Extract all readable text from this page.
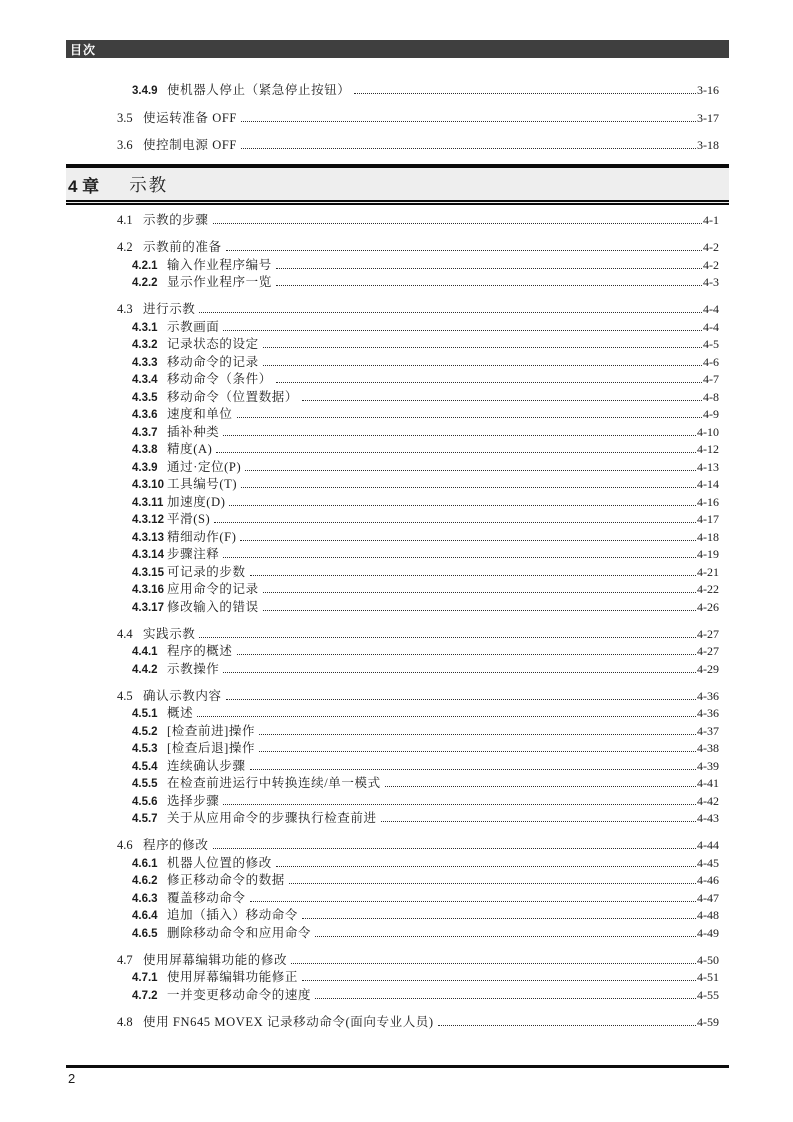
目次
3.4.9 使机器人停止（紧急停止按钮）	3-16
3.5 使运转准备 OFF	3-17
3.6 使控制电源 OFF	3-18
4 章 示教
4.1 示教的步骤	4-1
4.2 示教前的准备	4-2
4.2.1 输入作业程序编号	4-2
4.2.2 显示作业程序一览	4-3
4.3 进行示教	4-4
4.3.1 示教画面	4-4
4.3.2 记录状态的设定	4-5
4.3.3 移动命令的记录	4-6
4.3.4 移动命令（条件）	4-7
4.3.5 移动命令（位置数据）	4-8
4.3.6 速度和单位	4-9
4.3.7 插补种类	4-10
4.3.8 精度(A)	4-12
4.3.9 通过·定位(P)	4-13
4.3.10 工具编号(T)	4-14
4.3.11 加速度(D)	4-16
4.3.12 平滑(S)	4-17
4.3.13 精细动作(F)	4-18
4.3.14 步骤注释	4-19
4.3.15 可记录的步数	4-21
4.3.16 应用命令的记录	4-22
4.3.17 修改输入的错误	4-26
4.4 实践示教	4-27
4.4.1 程序的概述	4-27
4.4.2 示教操作	4-29
4.5 确认示教内容	4-36
4.5.1 概述	4-36
4.5.2 [检查前进]操作	4-37
4.5.3 [检查后退]操作	4-38
4.5.4 连续确认步骤	4-39
4.5.5 在检查前进运行中转换连续/单一模式	4-41
4.5.6 选择步骤	4-42
4.5.7 关于从应用命令的步骤执行检查前进	4-43
4.6 程序的修改	4-44
4.6.1 机器人位置的修改	4-45
4.6.2 修正移动命令的数据	4-46
4.6.3 覆盖移动命令	4-47
4.6.4 追加（插入）移动命令	4-48
4.6.5 删除移动命令和应用命令	4-49
4.7 使用屏幕编辑功能的修改	4-50
4.7.1 使用屏幕编辑功能修正	4-51
4.7.2 一并变更移动命令的速度	4-55
4.8 使用 FN645 MOVEX 记录移动命令(面向专业人员)	4-59
2
